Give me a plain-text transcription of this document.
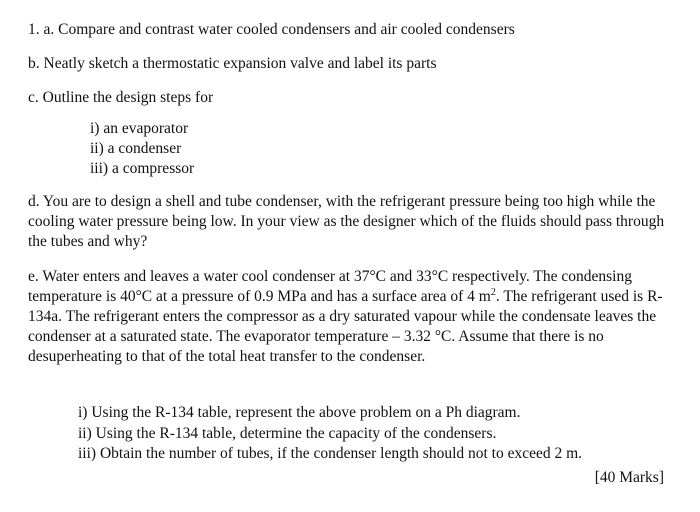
1. a. Compare and contrast water cooled condensers and air cooled condensers
b. Neatly sketch a thermostatic expansion valve and label its parts
c. Outline the design steps for
i) an evaporator
ii) a condenser
iii) a compressor
d. You are to design a shell and tube condenser, with the refrigerant pressure being too high while the cooling water pressure being low. In your view as the designer which of the fluids should pass through the tubes and why?
e. Water enters and leaves a water cool condenser at 37°C and 33°C respectively. The condensing temperature is 40°C at a pressure of 0.9 MPa and has a surface area of 4 $m^2$. The refrigerant used is R-134a. The refrigerant enters the compressor as a dry saturated vapour while the condensate leaves the condenser at a saturated state. The evaporator temperature – 3.32 °C. Assume that there is no desuperheating to that of the total heat transfer to the condenser.
i) Using the R-134 table, represent the above problem on a Ph diagram.
ii) Using the R-134 table, determine the capacity of the condensers.
iii) Obtain the number of tubes, if the condenser length should not to exceed 2 m.
[40 Marks]
